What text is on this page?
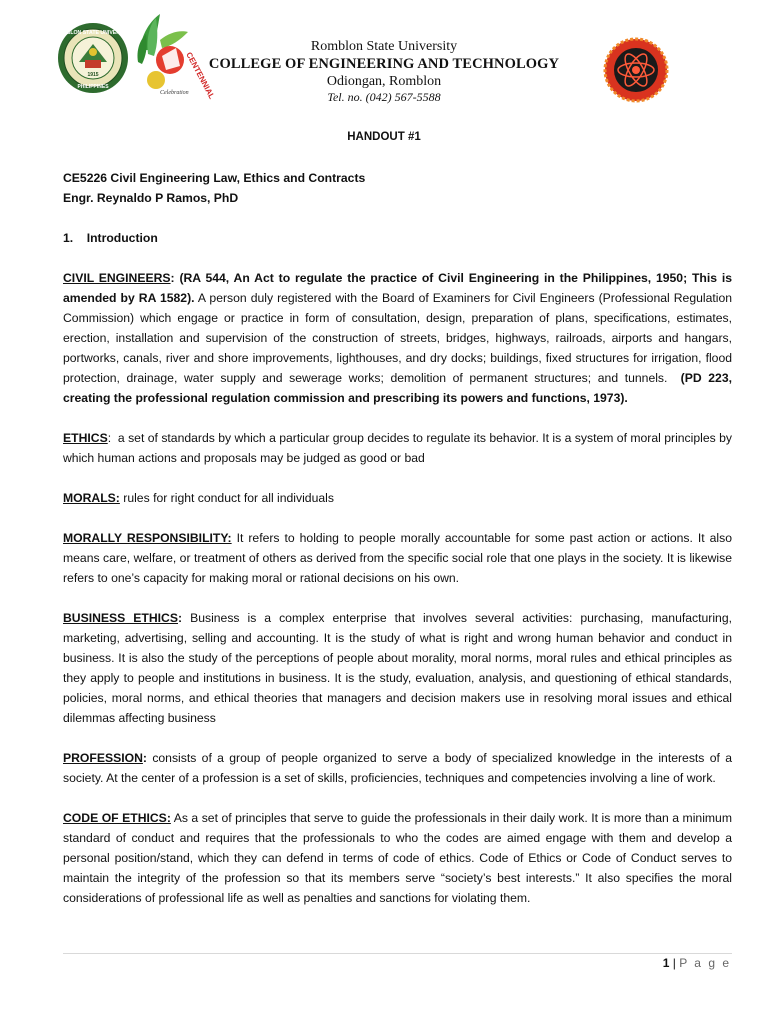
ROMBLON STATE UNIVERSITY
1915
PHILIPPINES	CENTENNIAL
Celebration
Romblon State University
COLLEGE OF ENGINEERING AND TECHNOLOGY
Odiongan, Romblon
Tel. no. (042) 567-5588
HANDOUT #1

CE5226 Civil Engineering Law, Ethics and Contracts

Engr. Reynaldo P Ramos, PhD

1. Introduction

CIVIL ENGINEERS: (RA 544, An Act to regulate the practice of Civil Engineering in the Philippines, 1950; This is amended by RA 1582). A person duly registered with the Board of Examiners for Civil Engineers (Professional Regulation Commission) which engage or practice in form of consultation, design, preparation of plans, specifications, estimates, erection, installation and supervision of the construction of streets, bridges, highways, railroads, airports and hangars, portworks, canals, river and shore improvements, lighthouses, and dry docks; buildings, fixed structures for irrigation, flood protection, drainage, water supply and sewerage works; demolition of permanent structures; and tunnels. (PD 223, creating the professional regulation commission and prescribing its powers and functions, 1973).

ETHICS:  a set of standards by which a particular group decides to regulate its behavior. It is a system of moral principles by which human actions and proposals may be judged as good or bad

MORALS: rules for right conduct for all individuals

MORALLY RESPONSIBILITY: It refers to holding to people morally accountable for some past action or actions. It also means care, welfare, or treatment of others as derived from the specific social role that one plays in the society. It is likewise refers to one’s capacity for making moral or rational decisions on his own.

BUSINESS ETHICS: Business is a complex enterprise that involves several activities: purchasing, manufacturing, marketing, advertising, selling and accounting. It is the study of what is right and wrong human behavior and conduct in business. It is also the study of the perceptions of people about morality, moral norms, moral rules and ethical principles as they apply to people and institutions in business. It is the study, evaluation, analysis, and questioning of ethical standards, policies, moral norms, and ethical theories that managers and decision makers use in resolving moral issues and ethical dilemmas affecting business

PROFESSION: consists of a group of people organized to serve a body of specialized knowledge in the interests of a society. At the center of a profession is a set of skills, proficiencies, techniques and competencies involving a line of work.

CODE OF ETHICS: As a set of principles that serve to guide the professionals in their daily work. It is more than a minimum standard of conduct and requires that the professionals to who the codes are aimed engage with them and develop a personal position/stand, which they can defend in terms of code of ethics. Code of Ethics or Code of Conduct serves to maintain the integrity of the profession so that its members serve “society’s best interests.” It also specifies the moral considerations of professional life as well as penalties and sanctions for violating them.

1 | P a g e
